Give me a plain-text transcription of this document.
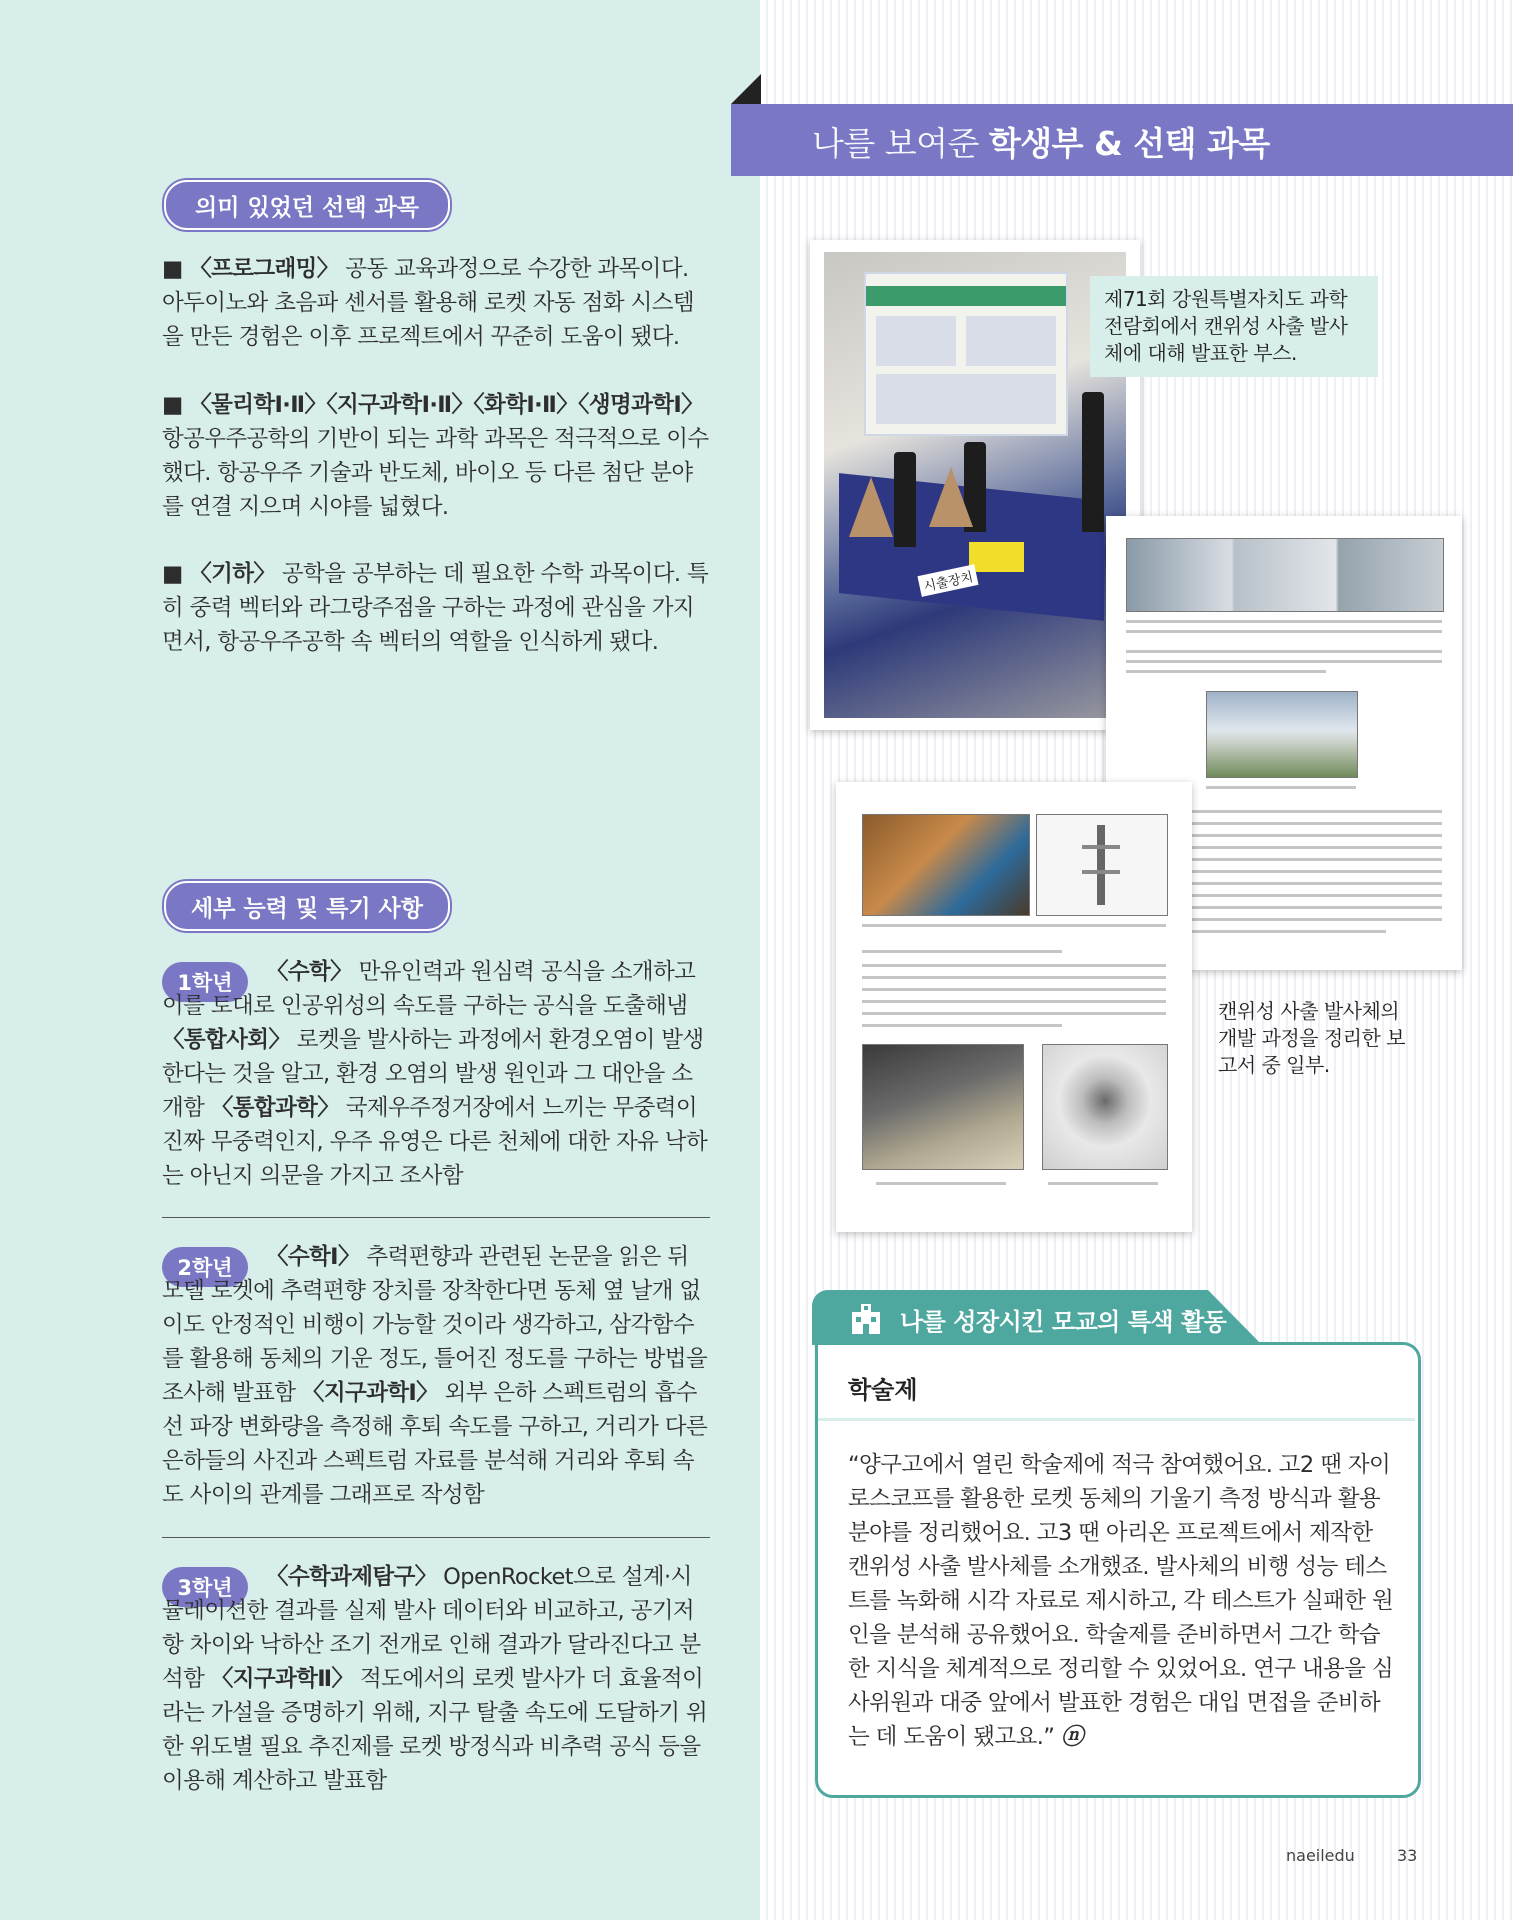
나를 보여준 학생부 & 선택 과목
의미 있었던 선택 과목
■ 〈프로그래밍〉 공동 교육과정으로 수강한 과목이다. 아두이노와 초음파 센서를 활용해 로켓 자동 점화 시스템을 만든 경험은 이후 프로젝트에서 꾸준히 도움이 됐다.
■ 〈물리학Ⅰ·Ⅱ〉〈지구과학Ⅰ·Ⅱ〉〈화학Ⅰ·Ⅱ〉〈생명과학Ⅰ〉 항공우주공학의 기반이 되는 과학 과목은 적극적으로 이수했다. 항공우주 기술과 반도체, 바이오 등 다른 첨단 분야를 연결 지으며 시야를 넓혔다.
■ 〈기하〉 공학을 공부하는 데 필요한 수학 과목이다. 특히 중력 벡터와 라그랑주점을 구하는 과정에 관심을 가지면서, 항공우주공학 속 벡터의 역할을 인식하게 됐다.
세부 능력 및 특기 사항
1학년	〈수학〉 만유인력과 원심력 공식을 소개하고 이를 토대로 인공위성의 속도를 구하는 공식을 도출해냄 〈통합사회〉 로켓을 발사하는 과정에서 환경오염이 발생한다는 것을 알고, 환경 오염의 발생 원인과 그 대안을 소개함 〈통합과학〉 국제우주정거장에서 느끼는 무중력이 진짜 무중력인지, 우주 유영은 다른 천체에 대한 자유 낙하는 아닌지 의문을 가지고 조사함
2학년	〈수학Ⅰ〉 추력편향과 관련된 논문을 읽은 뒤 모델 로켓에 추력편향 장치를 장착한다면 동체 옆 날개 없이도 안정적인 비행이 가능할 것이라 생각하고, 삼각함수를 활용해 동체의 기운 정도, 틀어진 정도를 구하는 방법을 조사해 발표함 〈지구과학Ⅰ〉 외부 은하 스펙트럼의 흡수선 파장 변화량을 측정해 후퇴 속도를 구하고, 거리가 다른 은하들의 사진과 스펙트럼 자료를 분석해 거리와 후퇴 속도 사이의 관계를 그래프로 작성함
3학년	〈수학과제탐구〉 OpenRocket으로 설계·시뮬레이션한 결과를 실제 발사 데이터와 비교하고, 공기저항 차이와 낙하산 조기 전개로 인해 결과가 달라진다고 분석함 〈지구과학Ⅱ〉 적도에서의 로켓 발사가 더 효율적이라는 가설을 증명하기 위해, 지구 탈출 속도에 도달하기 위한 위도별 필요 추진제를 로켓 방정식과 비추력 공식 등을 이용해 계산하고 발표함
시출장치
제71회 강원특별자치도 과학 전람회에서 캔위성 사출 발사체에 대해 발표한 부스.
캔위성 사출 발사체의 개발 과정을 정리한 보고서 중 일부.
나를 성장시킨 모교의 특색 활동
학술제
“양구고에서 열린 학술제에 적극 참여했어요. 고2 땐 자이로스코프를 활용한 로켓 동체의 기울기 측정 방식과 활용 분야를 정리했어요. 고3 땐 아리온 프로젝트에서 제작한 캔위성 사출 발사체를 소개했죠. 발사체의 비행 성능 테스트를 녹화해 시각 자료로 제시하고, 각 테스트가 실패한 원인을 분석해 공유했어요. 학술제를 준비하면서 그간 학습한 지식을 체계적으로 정리할 수 있었어요. 연구 내용을 심사위원과 대중 앞에서 발표한 경험은 대입 면접을 준비하는 데 도움이 됐고요.” ⓝ
naeiledu	33
